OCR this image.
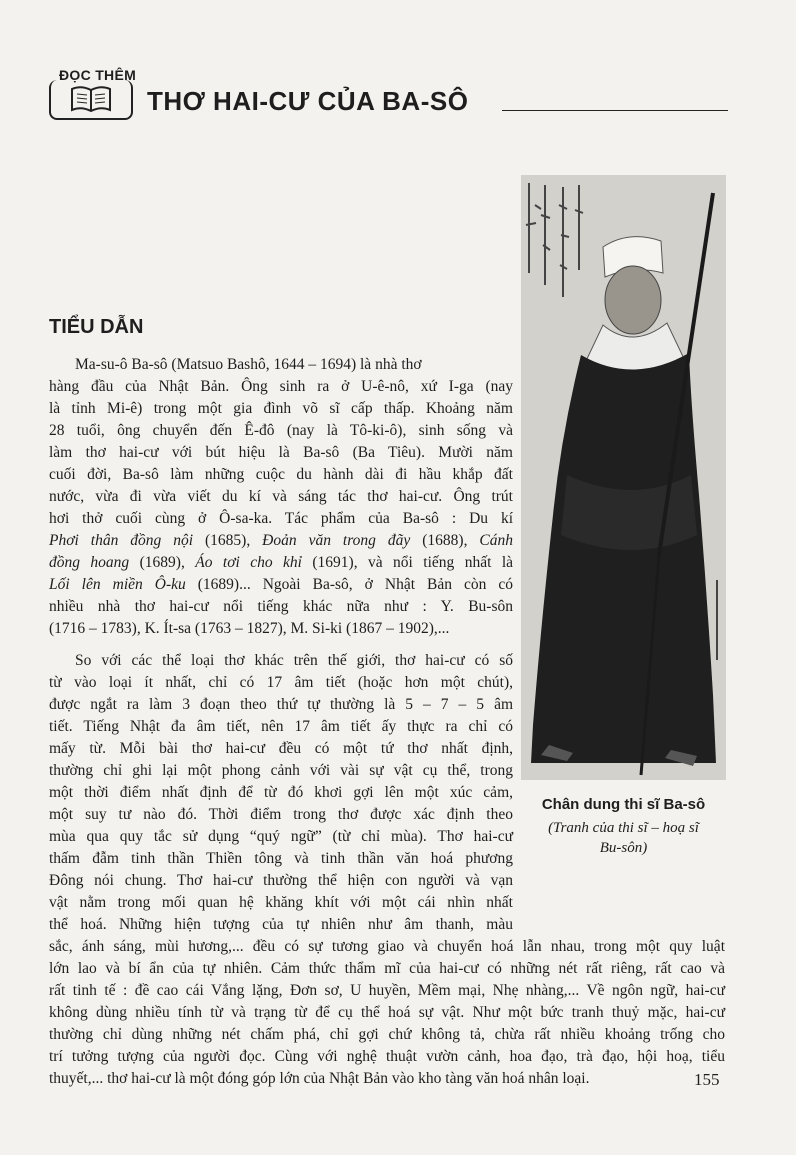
ĐỌC THÊM
THƠ HAI-CƯ CỦA BA-SÔ
Chân dung thi sĩ Ba-sô
(Tranh của thi sĩ – hoạ sĩ
Bu-sôn)
TIỂU DẪN
Ma-su-ô Ba-sô (Matsuo Bashô, 1644 – 1694) là nhà thơ
hàng đầu của Nhật Bản. Ông sinh ra ở U-ê-nô, xứ I-ga (nay
là tỉnh Mi-ê) trong một gia đình võ sĩ cấp thấp. Khoảng năm
28 tuổi, ông chuyển đến Ê-đô (nay là Tô-ki-ô), sinh sống và
làm thơ hai-cư với bút hiệu là Ba-sô (Ba Tiêu). Mười năm
cuối đời, Ba-sô làm những cuộc du hành dài đi hầu khắp đất
nước, vừa đi vừa viết du kí và sáng tác thơ hai-cư. Ông trút
hơi thở cuối cùng ở Ô-sa-ka. Tác phẩm của Ba-sô : Du kí
Phơi thân đồng nội (1685), Đoản văn trong đãy (1688), Cánh
đồng hoang (1689), Áo tơi cho khỉ (1691), và nổi tiếng nhất là
Lối lên miền Ô-ku (1689)... Ngoài Ba-sô, ở Nhật Bản còn có
nhiều nhà thơ hai-cư nổi tiếng khác nữa như : Y. Bu-sôn
(1716 – 1783), K. Ít-sa (1763 – 1827), M. Si-ki (1867 – 1902),...
So với các thể loại thơ khác trên thế giới, thơ hai-cư có số
từ vào loại ít nhất, chỉ có 17 âm tiết (hoặc hơn một chút),
được ngắt ra làm 3 đoạn theo thứ tự thường là 5 – 7 – 5 âm
tiết. Tiếng Nhật đa âm tiết, nên 17 âm tiết ấy thực ra chỉ có
mấy từ. Mỗi bài thơ hai-cư đều có một tứ thơ nhất định,
thường chỉ ghi lại một phong cảnh với vài sự vật cụ thể, trong
một thời điểm nhất định để từ đó khơi gợi lên một xúc cảm,
một suy tư nào đó. Thời điểm trong thơ được xác định theo
mùa qua quy tắc sử dụng “quý ngữ” (từ chỉ mùa). Thơ hai-cư
thấm đẫm tinh thần Thiền tông và tinh thần văn hoá phương
Đông nói chung. Thơ hai-cư thường thể hiện con người và vạn
vật nằm trong mối quan hệ khăng khít với một cái nhìn nhất
thể hoá. Những hiện tượng của tự nhiên như âm thanh, màu
sắc, ánh sáng, mùi hương,... đều có sự tương giao và chuyển hoá lẫn nhau, trong một quy luật
lớn lao và bí ẩn của tự nhiên. Cảm thức thẩm mĩ của hai-cư có những nét rất riêng, rất cao và
rất tinh tế : đề cao cái Vắng lặng, Đơn sơ, U huyền, Mềm mại, Nhẹ nhàng,... Về ngôn ngữ, hai-cư
không dùng nhiều tính từ và trạng từ để cụ thể hoá sự vật. Như một bức tranh thuỷ mặc, hai-cư
thường chỉ dùng những nét chấm phá, chỉ gợi chứ không tả, chừa rất nhiều khoảng trống cho
trí tưởng tượng của người đọc. Cùng với nghệ thuật vườn cảnh, hoa đạo, trà đạo, hội hoạ, tiểu
thuyết,... thơ hai-cư là một đóng góp lớn của Nhật Bản vào kho tàng văn hoá nhân loại.	155
